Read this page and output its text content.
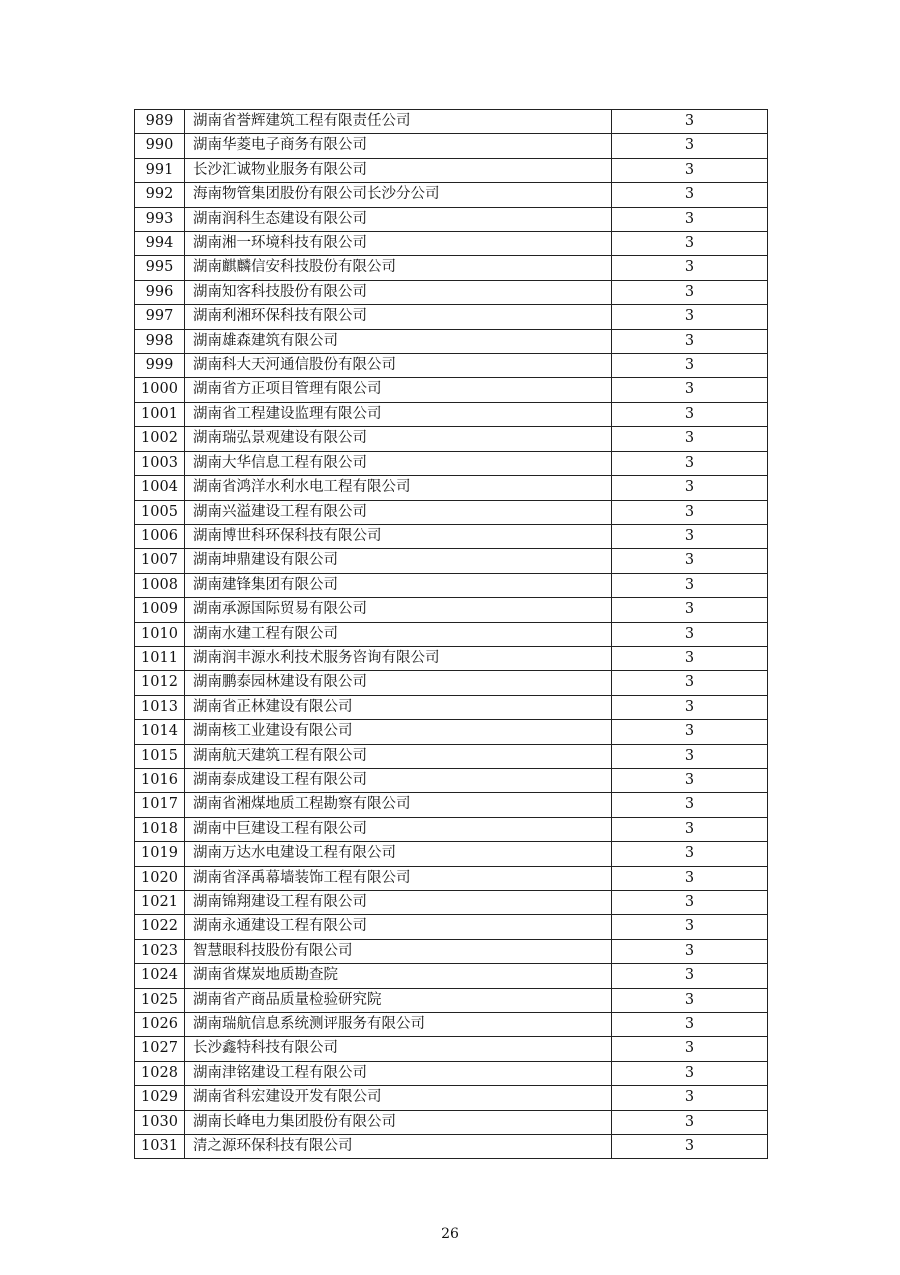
989	湖南省誉辉建筑工程有限责任公司	3
990	湖南华菱电子商务有限公司	3
991	长沙汇诚物业服务有限公司	3
992	海南物管集团股份有限公司长沙分公司	3
993	湖南润科生态建设有限公司	3
994	湖南湘一环境科技有限公司	3
995	湖南麒麟信安科技股份有限公司	3
996	湖南知客科技股份有限公司	3
997	湖南利湘环保科技有限公司	3
998	湖南雄森建筑有限公司	3
999	湖南科大天河通信股份有限公司	3
1000	湖南省方正项目管理有限公司	3
1001	湖南省工程建设监理有限公司	3
1002	湖南瑞弘景观建设有限公司	3
1003	湖南大华信息工程有限公司	3
1004	湖南省鸿洋水利水电工程有限公司	3
1005	湖南兴溢建设工程有限公司	3
1006	湖南博世科环保科技有限公司	3
1007	湖南坤鼎建设有限公司	3
1008	湖南建锋集团有限公司	3
1009	湖南承源国际贸易有限公司	3
1010	湖南水建工程有限公司	3
1011	湖南润丰源水利技术服务咨询有限公司	3
1012	湖南鹏泰园林建设有限公司	3
1013	湖南省正林建设有限公司	3
1014	湖南核工业建设有限公司	3
1015	湖南航天建筑工程有限公司	3
1016	湖南泰成建设工程有限公司	3
1017	湖南省湘煤地质工程勘察有限公司	3
1018	湖南中巨建设工程有限公司	3
1019	湖南万达水电建设工程有限公司	3
1020	湖南省泽禹幕墙装饰工程有限公司	3
1021	湖南锦翔建设工程有限公司	3
1022	湖南永通建设工程有限公司	3
1023	智慧眼科技股份有限公司	3
1024	湖南省煤炭地质勘查院	3
1025	湖南省产商品质量检验研究院	3
1026	湖南瑞航信息系统测评服务有限公司	3
1027	长沙鑫特科技有限公司	3
1028	湖南津铭建设工程有限公司	3
1029	湖南省科宏建设开发有限公司	3
1030	湖南长峰电力集团股份有限公司	3
1031	清之源环保科技有限公司	3
26
